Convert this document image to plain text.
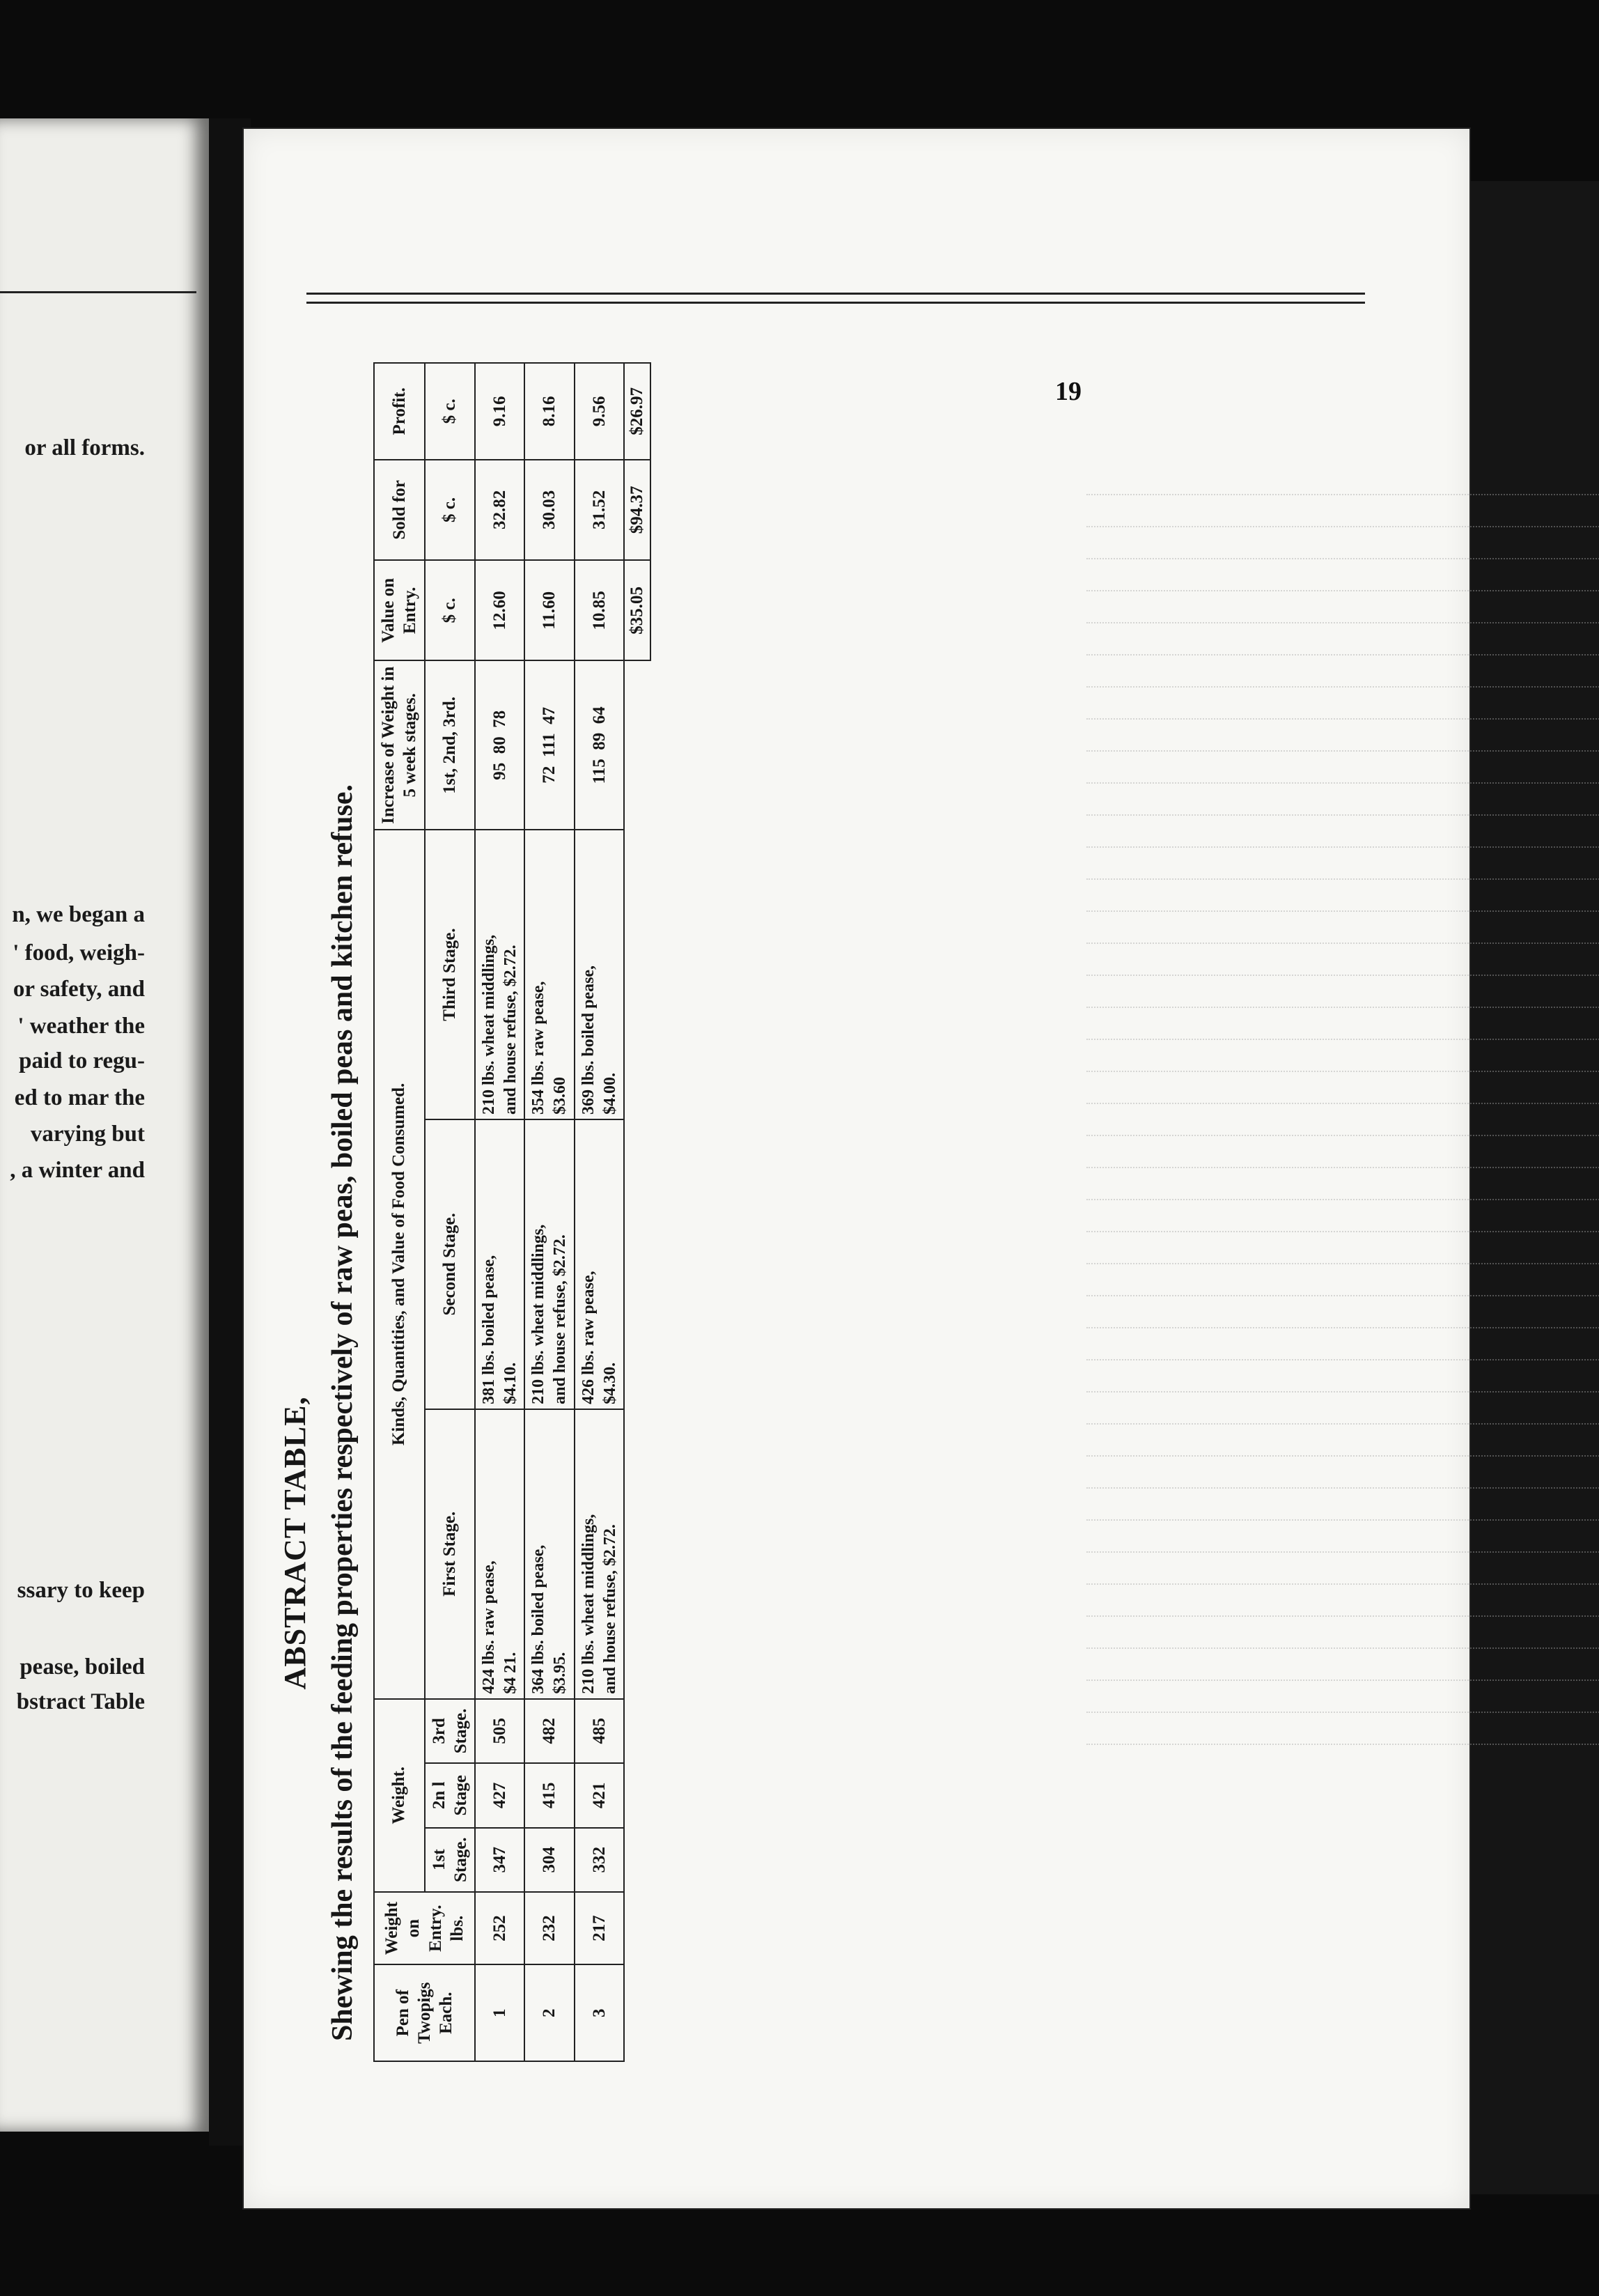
or all forms.
n, we began a
' food, weigh-
or safety, and
' weather the
paid to regu-
ed to mar the
varying but
, a winter and
ssary to keep
pease, boiled
bstract Table
19
ABSTRACT TABLE, Shewing the results of the feeding properties respectively of raw peas, boiled peas and kitchen refuse. Pen of Twopigs Each.	Weight on Entry. lbs.	Weight.			Kinds, Quantities, and Value of Food Consumed.			Increase of Weight in 5 week stages.	Value on Entry.	Sold for	Profit.
		1st Stage.	2n l Stage	3rd Stage.	First Stage.	Second Stage.	Third Stage.	1st, 2nd, 3rd.	$ c.	$ c.	$ c.
1	252	347	427	505	424 lbs. raw pease, $4 21.	381 lbs. boiled pease, $4.10.	210 lbs. wheat middlings, and house refuse, $2.72.	95  80  78	12.60	32.82	9.16
2	232	304	415	482	364 lbs. boiled pease, $3.95.	210 lbs. wheat middlings, and house refuse, $2.72.	354 lbs. raw pease, $3.60	72  111  47	11.60	30.03	8.16
3	217	332	421	485	210 lbs. wheat middlings, and house refuse, $2.72.	426 lbs. raw pease, $4.30.	369 lbs. boiled pease, $4.00.	115  89  64	10.85	31.52	9.56
									$35.05	$94.37	$26.97
